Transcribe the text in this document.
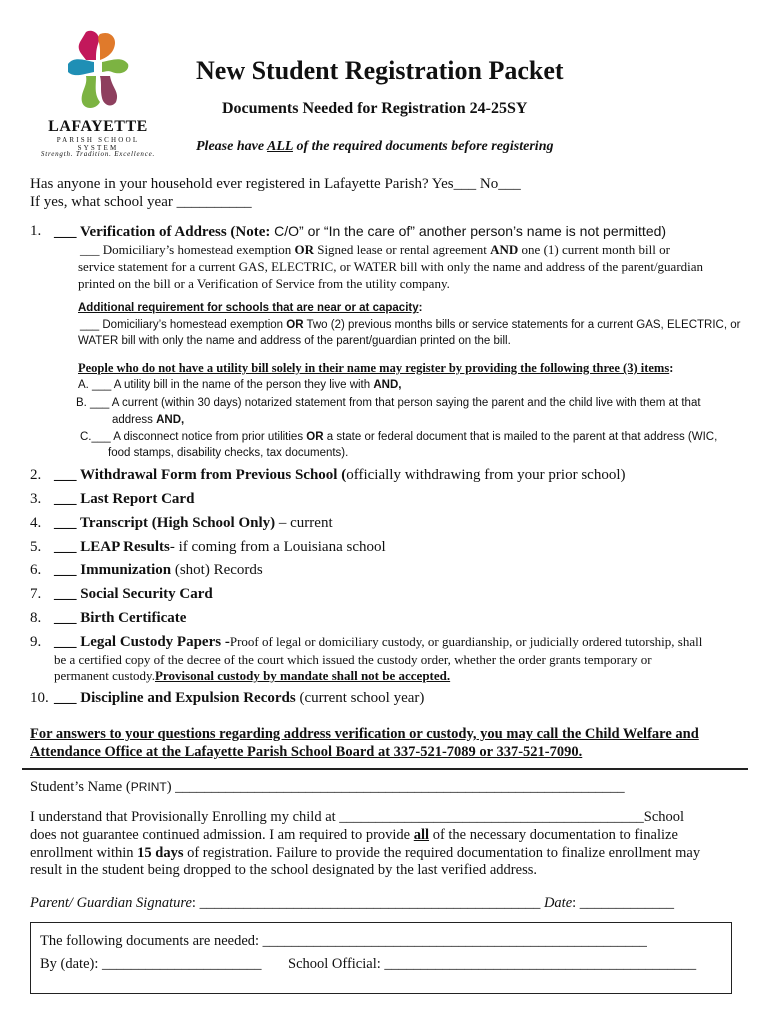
LAFAYETTE
PARISH SCHOOL SYSTEM
Strength. Tradition. Excellence.
New Student Registration Packet
Documents Needed for Registration 24-25SY
Please have ALL of the required documents before registering
Has anyone in your household ever registered in Lafayette Parish? Yes___ No___
If yes, what school year __________
1. ___ Verification of Address (Note: C/O” or “In the care of” another person’s name is not permitted)
___ Domiciliary’s homestead exemption OR Signed lease or rental agreement AND one (1) current month bill or
service statement for a current GAS, ELECTRIC, or WATER bill with only the name and address of the parent/guardian
printed on the bill or a Verification of Service from the utility company.
Additional requirement for schools that are near or at capacity:
___ Domiciliary’s homestead exemption OR Two (2) previous months bills or service statements for a current GAS, ELECTRIC, or
WATER bill with only the name and address of the parent/guardian printed on the bill.
People who do not have a utility bill solely in their name may register by providing the following three (3) items:
A. ___ A utility bill in the name of the person they live with AND,
B. ___ A current (within 30 days) notarized statement from that person saying the parent and the child live with them at that
address AND,
C.___ A disconnect notice from prior utilities OR a state or federal document that is mailed to the parent at that address (WIC,
food stamps, disability checks, tax documents).
2. ___ Withdrawal Form from Previous School (officially withdrawing from your prior school)
3. ___ Last Report Card
4. ___ Transcript (High School Only) – current
5. ___ LEAP Results- if coming from a Louisiana school
6. ___ Immunization (shot) Records
7. ___ Social Security Card
8. ___ Birth Certificate
9. ___ Legal Custody Papers -Proof of legal or domiciliary custody, or guardianship, or judicially ordered tutorship, shall
be a certified copy of the decree of the court which issued the custody order, whether the order grants temporary or
permanent custody.Provisonal custody by mandate shall not be accepted.
10. ___ Discipline and Expulsion Records (current school year)
For answers to your questions regarding address verification or custody, you may call the Child Welfare and
Attendance Office at the Lafayette Parish School Board at 337-521-7089 or 337-521-7090.
Student’s Name (PRINT) ______________________________________________________________
I understand that Provisionally Enrolling my child at __________________________________________School
does not guarantee continued admission. I am required to provide all of the necessary documentation to finalize
enrollment within 15 days of registration. Failure to provide the required documentation to finalize enrollment may
result in the student being dropped to the school designated by the last verified address.
Parent/ Guardian Signature: _______________________________________________ Date: _____________
The following documents are needed: _____________________________________________________
By (date): ______________________ School Official: ___________________________________________
